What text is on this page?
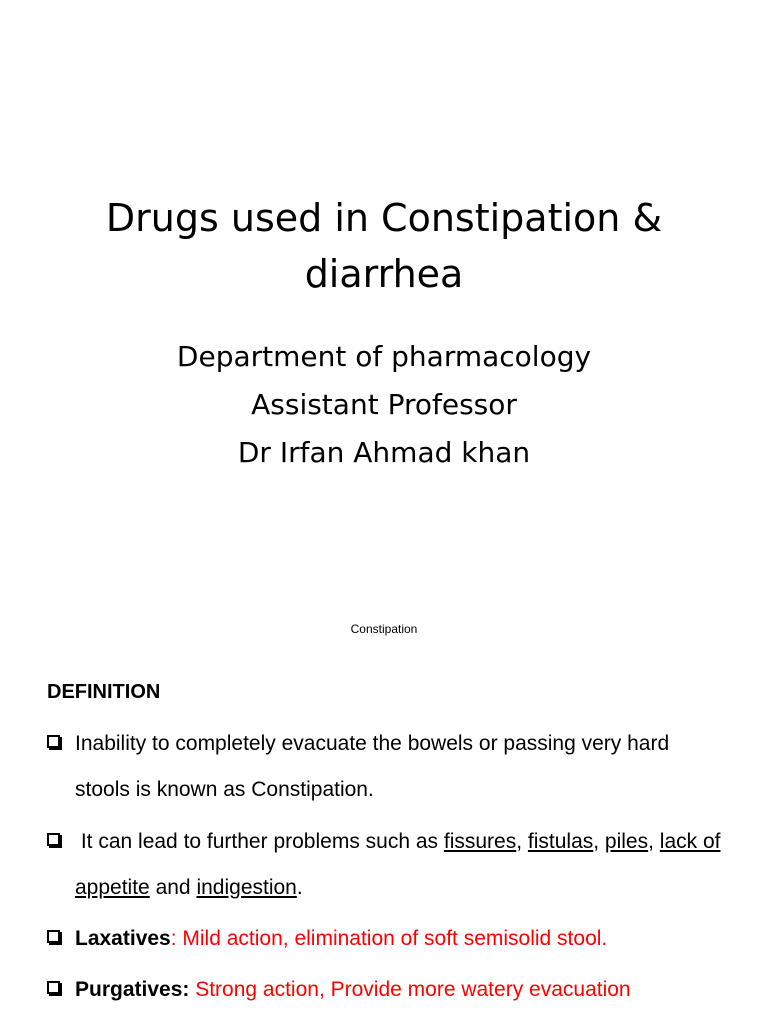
Drugs used in Constipation &
diarrhea
Department of pharmacology
Assistant Professor
Dr Irfan Ahmad khan
Constipation
DEFINITION
Inability to completely evacuate the bowels or passing very hard
stools is known as Constipation.
It can lead to further problems such as fissures, fistulas, piles, lack of
appetite and indigestion.
Laxatives: Mild action, elimination of soft semisolid stool.
Purgatives: Strong action, Provide more watery evacuation
